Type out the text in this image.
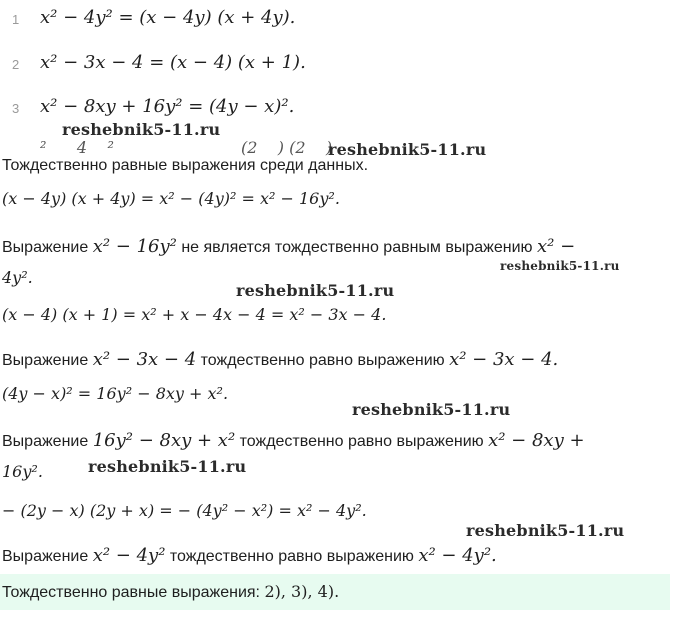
1	x² − 4y² = (x − 4y) (x + 4y).
2	x² − 3x − 4 = (x − 4) (x + 1).
3	x² − 8xy + 16y² = (4y − x)².
²      4    ²                         (2    ) (2    )
reshebnik5-11.ru
reshebnik5-11.ru
reshebnik5-11.ru
reshebnik5-11.ru
reshebnik5-11.ru
reshebnik5-11.ru
reshebnik5-11.ru
Тождественно равные выражения среди данных.
(x − 4y) (x + 4y) = x² − (4y)² = x² − 16y².
Выражение x² − 16y² не является тождественно равным выражению x² −
4y².
(x − 4) (x + 1) = x² + x − 4x − 4 = x² − 3x − 4.
Выражение x² − 3x − 4 тождественно равно выражению x² − 3x − 4.
(4y − x)² = 16y² − 8xy + x².
Выражение 16y² − 8xy + x² тождественно равно выражению x² − 8xy +
16y².
− (2y − x) (2y + x) = − (4y² − x²) = x² − 4y².
Выражение x² − 4y² тождественно равно выражению x² − 4y².
Тождественно равные выражения: 2), 3), 4).
